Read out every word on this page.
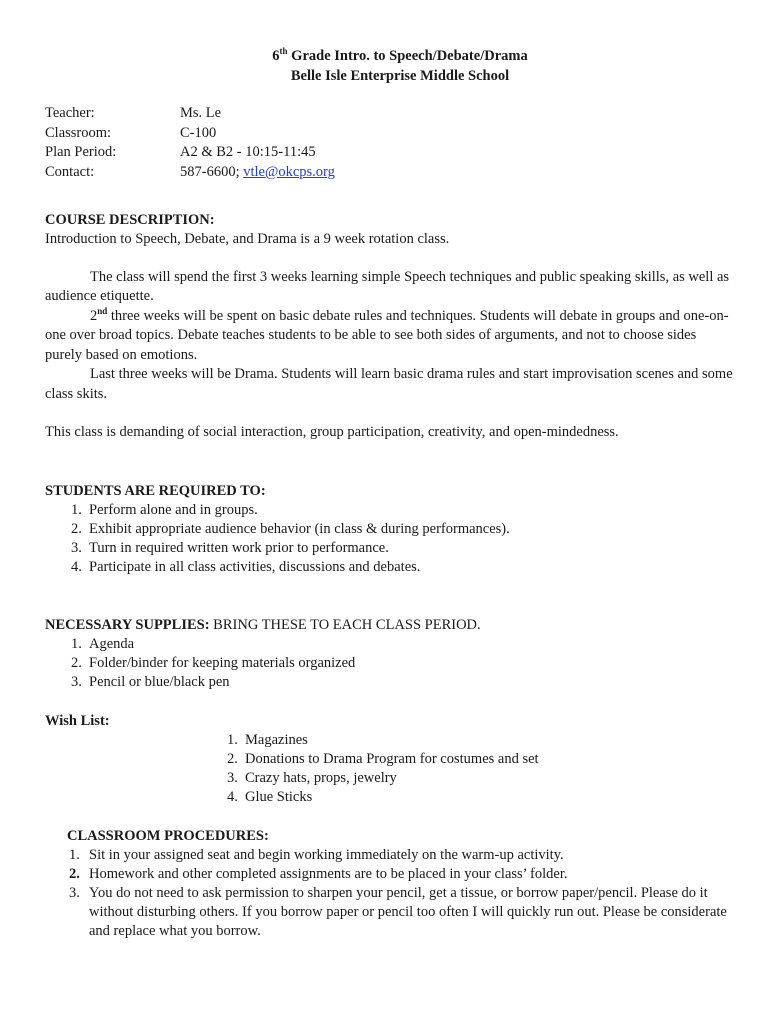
6th Grade Intro. to Speech/Debate/Drama
Belle Isle Enterprise Middle School
Teacher:	Ms. Le
Classroom:	C-100
Plan Period:	A2 & B2 - 10:15-11:45
Contact:	587-6600; vtle@okcps.org
COURSE DESCRIPTION:

Introduction to Speech, Debate, and Drama is a 9 week rotation class.

The class will spend the first 3 weeks learning simple Speech techniques and public speaking skills, as well as audience etiquette.

2nd three weeks will be spent on basic debate rules and techniques. Students will debate in groups and one-on-one over broad topics. Debate teaches students to be able to see both sides of arguments, and not to choose sides purely based on emotions.

Last three weeks will be Drama. Students will learn basic drama rules and start improvisation scenes and some class skits.

This class is demanding of social interaction, group participation, creativity, and open-mindedness.

STUDENTS ARE REQUIRED TO:
1. Perform alone and in groups.
2. Exhibit appropriate audience behavior (in class & during performances).
3. Turn in required written work prior to performance.
4. Participate in all class activities, discussions and debates.
NECESSARY SUPPLIES: BRING THESE TO EACH CLASS PERIOD.
1. Agenda
2. Folder/binder for keeping materials organized
3. Pencil or blue/black pen
Wish List:
1. Magazines
2. Donations to Drama Program for costumes and set
3. Crazy hats, props, jewelry
4. Glue Sticks
CLASSROOM PROCEDURES:
1. Sit in your assigned seat and begin working immediately on the warm-up activity.
2. Homework and other completed assignments are to be placed in your class’ folder.
3. You do not need to ask permission to sharpen your pencil, get a tissue, or borrow paper/pencil. Please do it without disturbing others. If you borrow paper or pencil too often I will quickly run out. Please be considerate and replace what you borrow.
